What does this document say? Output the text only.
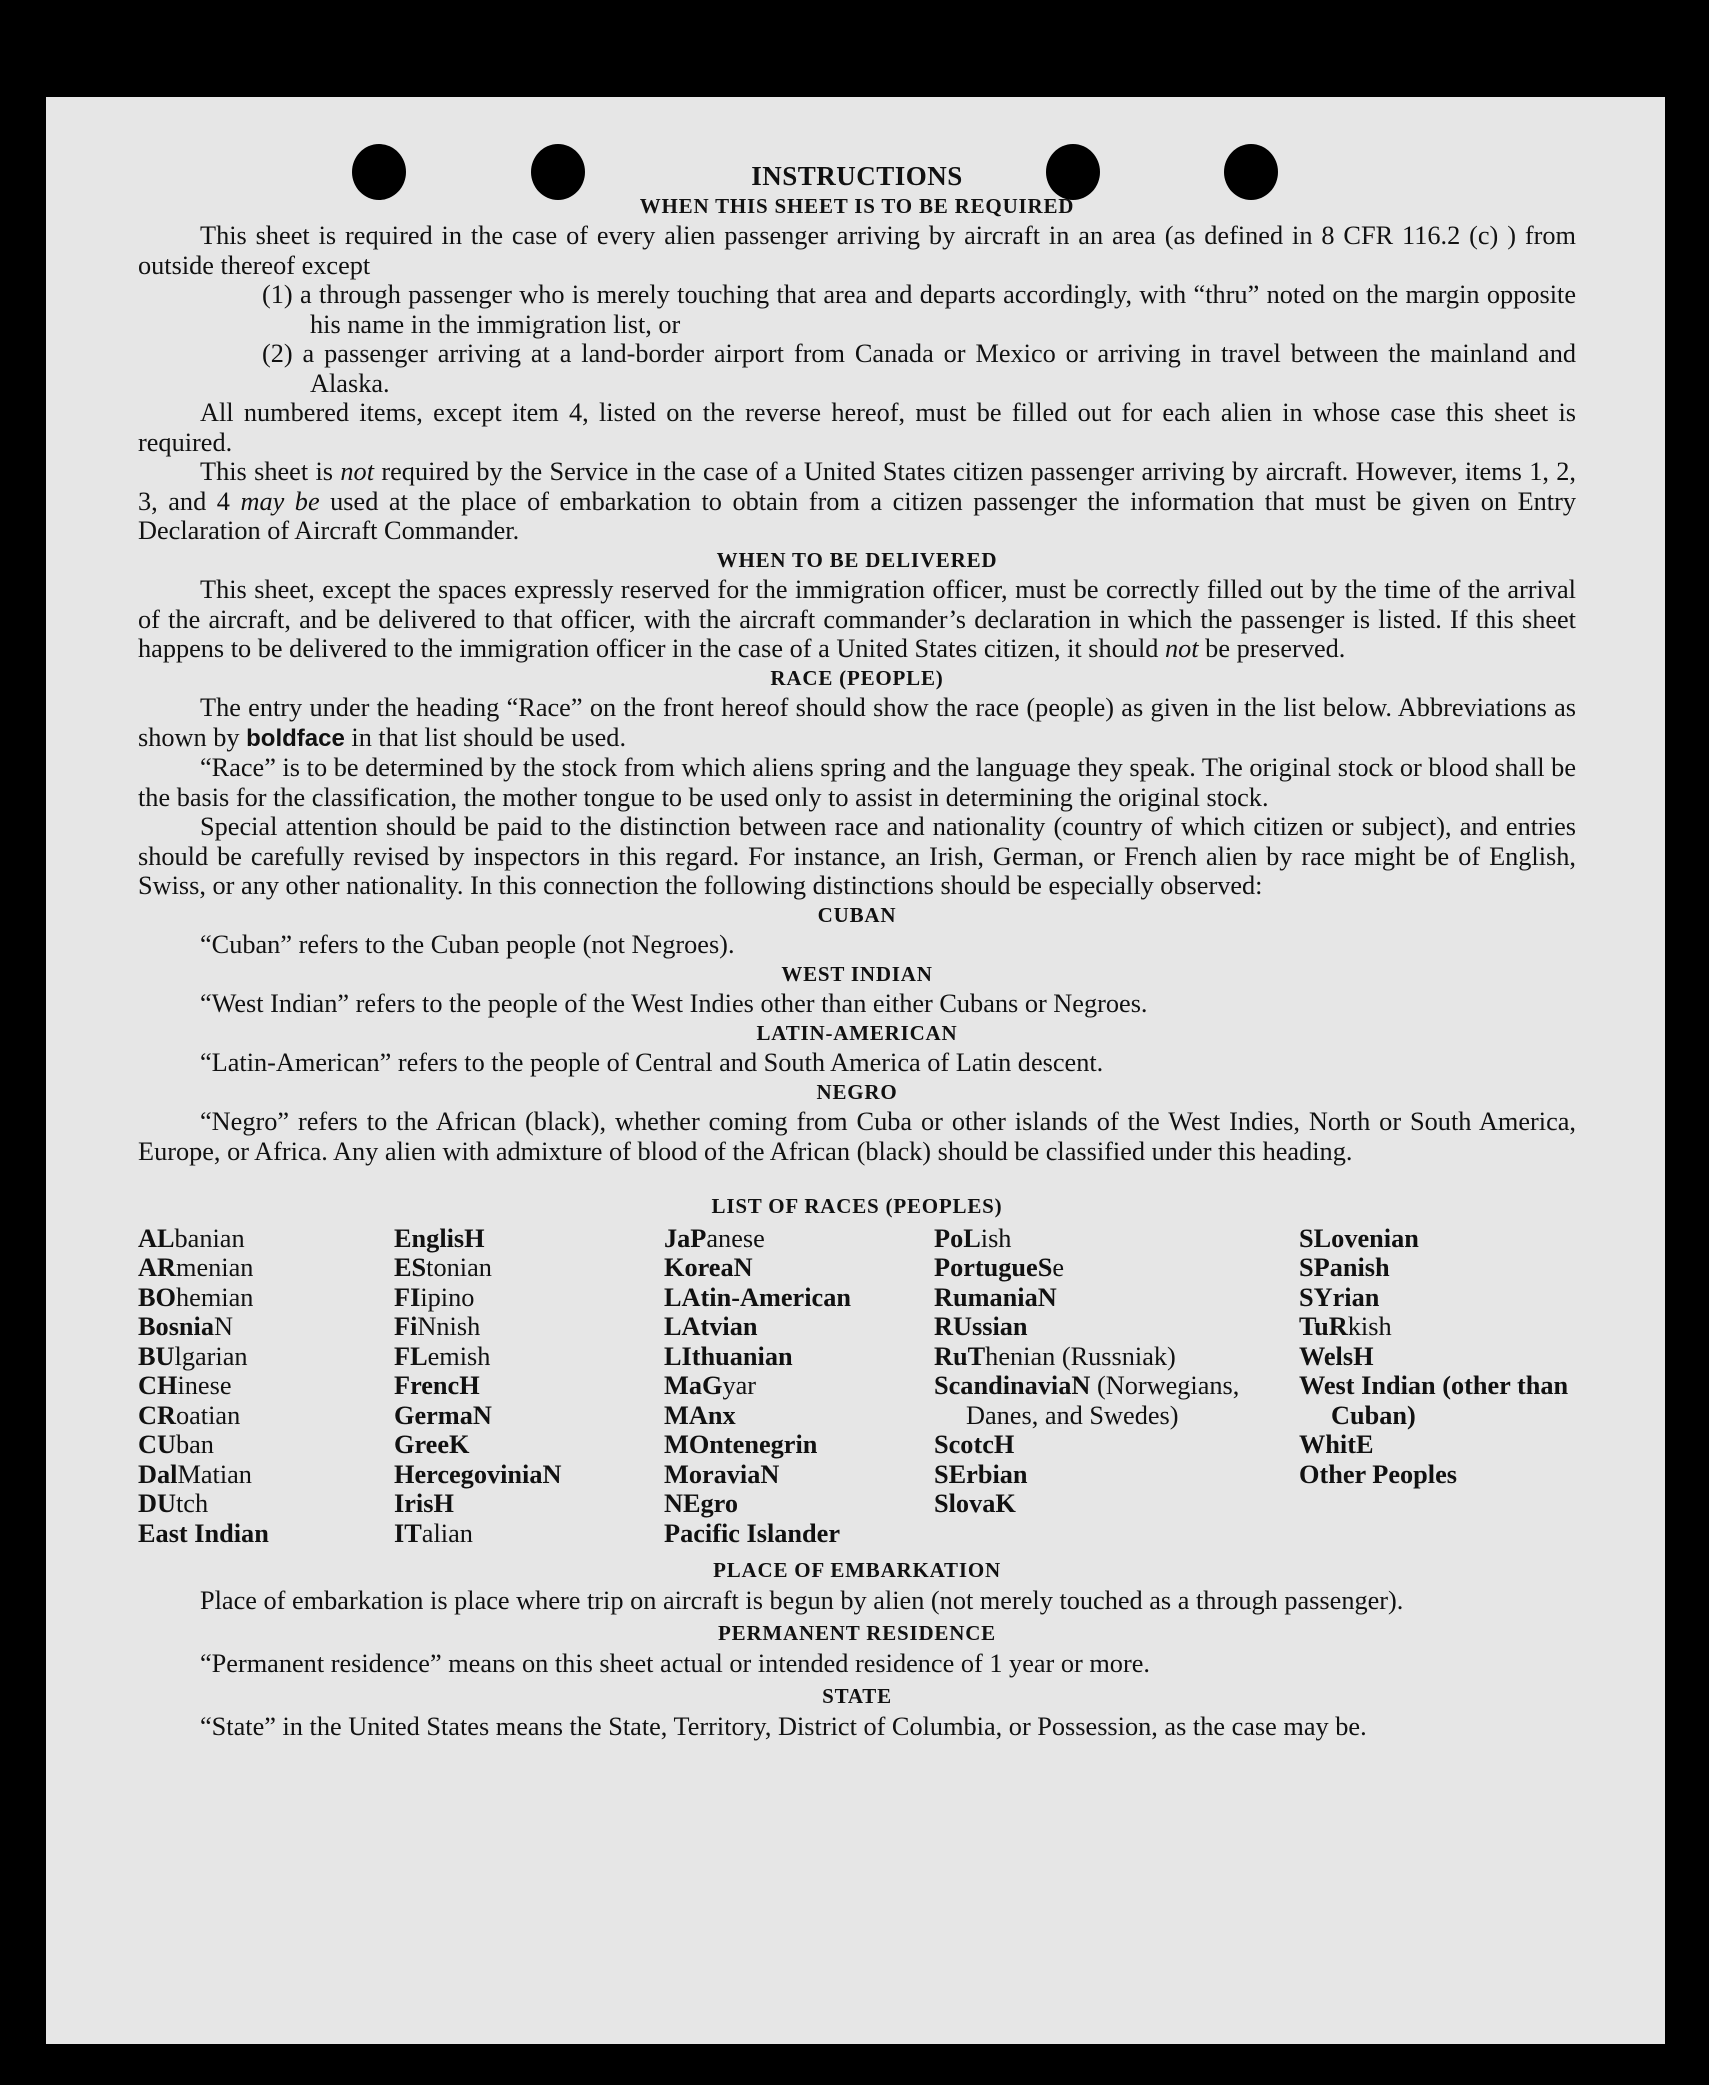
INSTRUCTIONS
WHEN THIS SHEET IS TO BE REQUIRED

This sheet is required in the case of every alien passenger arriving by aircraft in an area (as defined in 8 CFR 116.2 (c) ) from outside thereof except

(1) a through passenger who is merely touching that area and departs accordingly, with “thru” noted on the margin opposite his name in the immigration list, or

(2) a passenger arriving at a land-border airport from Canada or Mexico or arriving in travel between the mainland and Alaska.

All numbered items, except item 4, listed on the reverse hereof, must be filled out for each alien in whose case this sheet is required.

This sheet is not required by the Service in the case of a United States citizen passenger arriving by aircraft. However, items 1, 2, 3, and 4 may be used at the place of embarkation to obtain from a citizen passenger the information that must be given on Entry Declaration of Aircraft Commander.

WHEN TO BE DELIVERED

This sheet, except the spaces expressly reserved for the immigration officer, must be correctly filled out by the time of the arrival of the aircraft, and be delivered to that officer, with the aircraft commander’s declaration in which the passenger is listed. If this sheet happens to be delivered to the immigration officer in the case of a United States citizen, it should not be preserved.

RACE (PEOPLE)

The entry under the heading “Race” on the front hereof should show the race (people) as given in the list below. Abbreviations as shown by boldface in that list should be used.

“Race” is to be determined by the stock from which aliens spring and the language they speak. The original stock or blood shall be the basis for the classification, the mother tongue to be used only to assist in determining the original stock.

Special attention should be paid to the distinction between race and nationality (country of which citizen or subject), and entries should be carefully revised by inspectors in this regard. For instance, an Irish, German, or French alien by race might be of English, Swiss, or any other nationality. In this connection the following distinctions should be especially observed:

CUBAN

“Cuban” refers to the Cuban people (not Negroes).

WEST INDIAN

“West Indian” refers to the people of the West Indies other than either Cubans or Negroes.

LATIN-AMERICAN

“Latin-American” refers to the people of Central and South America of Latin descent.

NEGRO

“Negro” refers to the African (black), whether coming from Cuba or other islands of the West Indies, North or South America, Europe, or Africa. Any alien with admixture of blood of the African (black) should be classified under this heading.

LIST OF RACES (PEOPLES)
ALbanian
ARmenian
BOhemian
BosniaN
BUlgarian
CHinese
CRoatian
CUban
DalMatian
DUtch
East Indian
EnglisH
EStonian
FIipino
FiNnish
FLemish
FrencH
GermaN
GreeK
HercegoviniaN
IrisH
ITalian
JaPanese
KoreaN
LAtin-American
LAtvian
LIthuanian
MaGyar
MAnx
MOntenegrin
MoraviaN
NEgro
Pacific Islander
PoLish
PortugueSe
RumaniaN
RUssian
RuThenian (Russniak)
ScandinaviaN (Norwegians, Danes, and Swedes)
ScotcH
SErbian
SlovaK
SLovenian
SPanish
SYrian
TuRkish
WelsH
West Indian (other than Cuban)
WhitE
Other Peoples
PLACE OF EMBARKATION

Place of embarkation is place where trip on aircraft is begun by alien (not merely touched as a through passenger).

PERMANENT RESIDENCE

“Permanent residence” means on this sheet actual or intended residence of 1 year or more.

STATE

“State” in the United States means the State, Territory, District of Columbia, or Possession, as the case may be.
